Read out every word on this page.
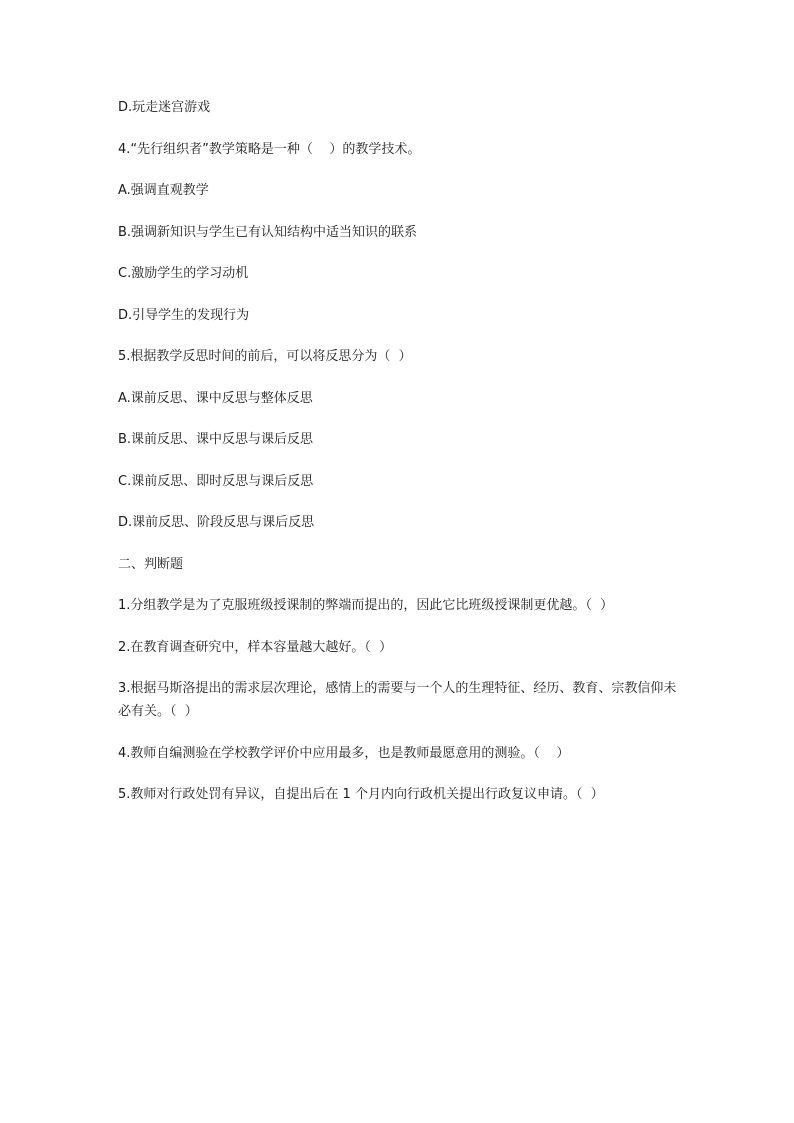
D.玩走迷宫游戏
4.“先行组织者”教学策略是一种（    ）的教学技术。
A.强调直观教学
B.强调新知识与学生已有认知结构中适当知识的联系
C.激励学生的学习动机
D.引导学生的发现行为
5.根据教学反思时间的前后，可以将反思分为（  ）
A.课前反思、课中反思与整体反思
B.课前反思、课中反思与课后反思
C.课前反思、即时反思与课后反思
D.课前反思、阶段反思与课后反思
二、判断题
1.分组教学是为了克服班级授课制的弊端而提出的，因此它比班级授课制更优越。（  ）
2.在教育调查研究中，样本容量越大越好。（  ）
3.根据马斯洛提出的需求层次理论，感情上的需要与一个人的生理特征、经历、教育、宗教信仰未必有关。（  ）
4.教师自编测验在学校教学评价中应用最多，也是教师最愿意用的测验。（    ）
5.教师对行政处罚有异议，自提出后在 1 个月内向行政机关提出行政复议申请。（  ）
